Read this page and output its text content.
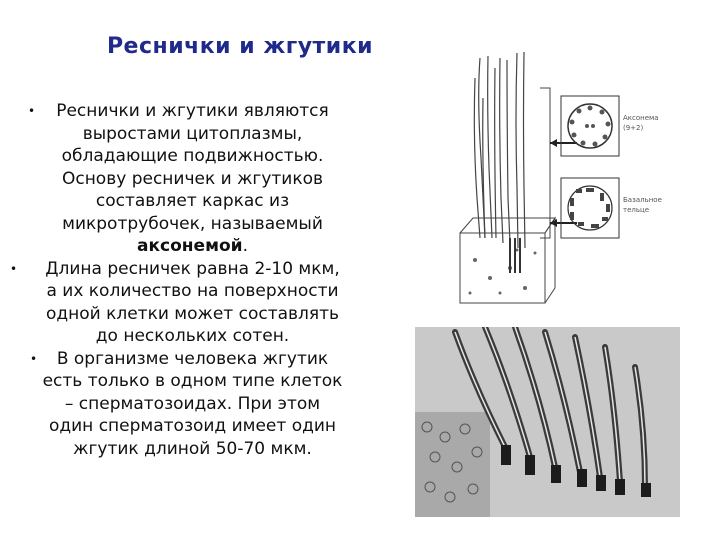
Реснички и жгутики
•	Реснички и жгутики являются
выростами цитоплазмы,
обладающие подвижностью.
Основу ресничек и жгутиков
составляет каркас из
микротрубочек, называемый
аксонемой.
•	Длина ресничек равна 2-10 мкм,
а их количество на поверхности
одной клетки может составлять
до нескольких сотен.
•	В организме человека жгутик
есть только в одном типе клеток
– сперматозоидах. При этом
один сперматозоид имеет один
жгутик длиной 50-70 мкм.
Аксонема
(9+2)
Базальное
тельце
